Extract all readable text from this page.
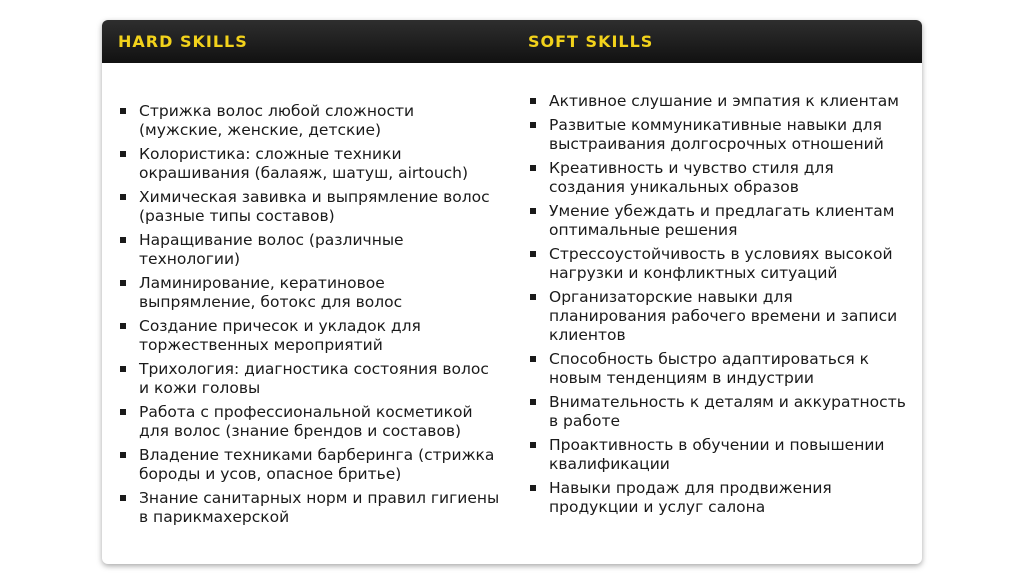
HARD SKILLS	SOFT SKILLS
Стрижка волос любой сложности (мужские, женские, детские)
Колористика: сложные техники окрашивания (балаяж, шатуш, airtouch)
Химическая завивка и выпрямление волос (разные типы составов)
Наращивание волос (различные технологии)
Ламинирование, кератиновое выпрямление, ботокс для волос
Создание причесок и укладок для торжественных мероприятий
Трихология: диагностика состояния волос и кожи головы
Работа с профессиональной косметикой для волос (знание брендов и составов)
Владение техниками барберинга (стрижка бороды и усов, опасное бритье)
Знание санитарных норм и правил гигиены в парикмахерской
Активное слушание и эмпатия к клиентам
Развитые коммуникативные навыки для выстраивания долгосрочных отношений
Креативность и чувство стиля для создания уникальных образов
Умение убеждать и предлагать клиентам оптимальные решения
Стрессоустойчивость в условиях высокой нагрузки и конфликтных ситуаций
Организаторские навыки для планирования рабочего времени и записи клиентов
Способность быстро адаптироваться к новым тенденциям в индустрии
Внимательность к деталям и аккуратность в работе
Проактивность в обучении и повышении квалификации
Навыки продаж для продвижения продукции и услуг салона
